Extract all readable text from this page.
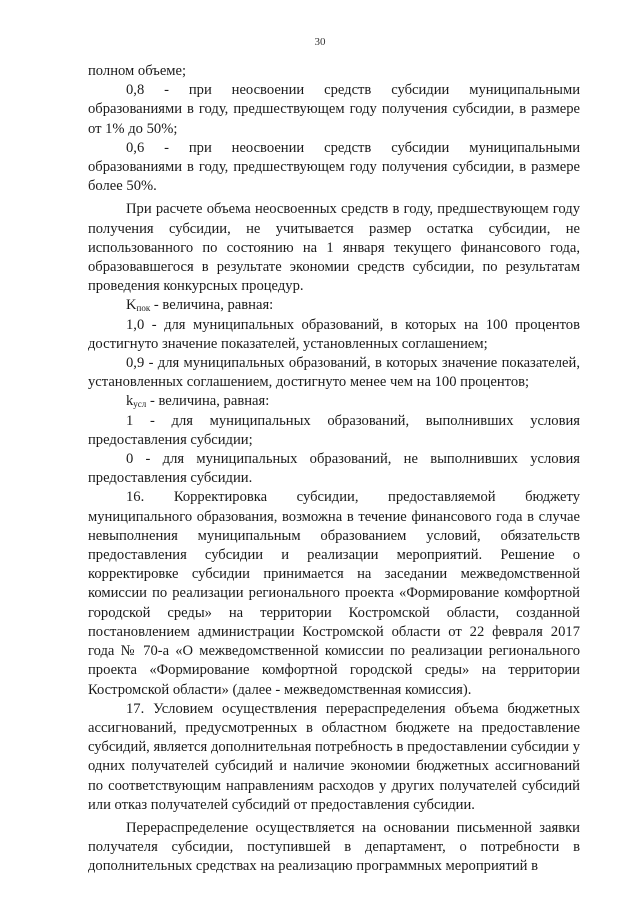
30

полном объеме;

0,8 - при неосвоении средств субсидии муниципальными образованиями в году, предшествующем году получения субсидии, в размере от 1% до 50%;

0,6 - при неосвоении средств субсидии муниципальными образованиями в году, предшествующем году получения субсидии, в размере более 50%.

При расчете объема неосвоенных средств в году, предшествующем году получения субсидии, не учитывается размер остатка субсидии, не использованного по состоянию на 1 января текущего финансового года, образовавшегося в результате экономии средств субсидии, по результатам проведения конкурсных процедур.

$K_{пок}$ - величина, равная:

1,0 - для муниципальных образований, в которых на 100 процентов достигнуто значение показателей, установленных соглашением;

0,9 - для муниципальных образований, в которых значение показателей, установленных соглашением, достигнуто менее чем на 100 процентов;

$k_{усл}$ - величина, равная:

1 - для муниципальных образований, выполнивших условия предоставления субсидии;

0 - для муниципальных образований, не выполнивших условия предоставления субсидии.

16. Корректировка субсидии, предоставляемой бюджету муниципального образования, возможна в течение финансового года в случае невыполнения муниципальным образованием условий, обязательств предоставления субсидии и реализации мероприятий. Решение о корректировке субсидии принимается на заседании межведомственной комиссии по реализации регионального проекта «Формирование комфортной городской среды» на территории Костромской области, созданной постановлением администрации Костромской области от 22 февраля 2017 года № 70-а «О межведомственной комиссии по реализации регионального проекта «Формирование комфортной городской среды» на территории Костромской области» (далее - межведомственная комиссия).

17. Условием осуществления перераспределения объема бюджетных ассигнований, предусмотренных в областном бюджете на предоставление субсидий, является дополнительная потребность в предоставлении субсидии у одних получателей субсидий и наличие экономии бюджетных ассигнований по соответствующим направлениям расходов у других получателей субсидий или отказ получателей субсидий от предоставления субсидии.

Перераспределение осуществляется на основании письменной заявки получателя субсидии, поступившей в департамент, о потребности в дополнительных средствах на реализацию программных мероприятий в
